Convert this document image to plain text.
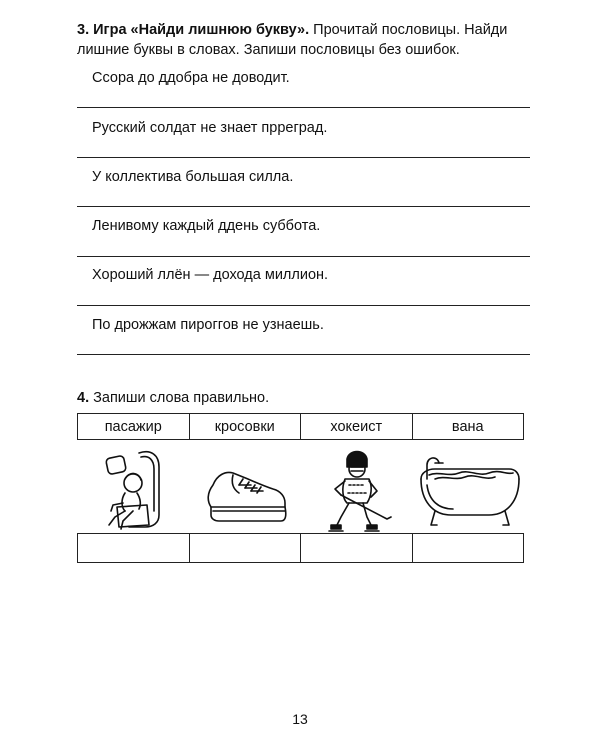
3. Игра «Найди лишнюю букву». Прочитай пословицы. Найди лишние буквы в словах. Запиши пословицы без ошибок.

Ссора до ддобра не доводит.

Русский солдат не знает пррeград.

У коллектива большая силла.

Ленивому каждый ддень суббота.

Хороший ллён — дохода миллион.

По дрожжам пироггов не узнаешь.

4. Запиши слова правильно.

пасажир	кросовки	хокеист	вана

13
